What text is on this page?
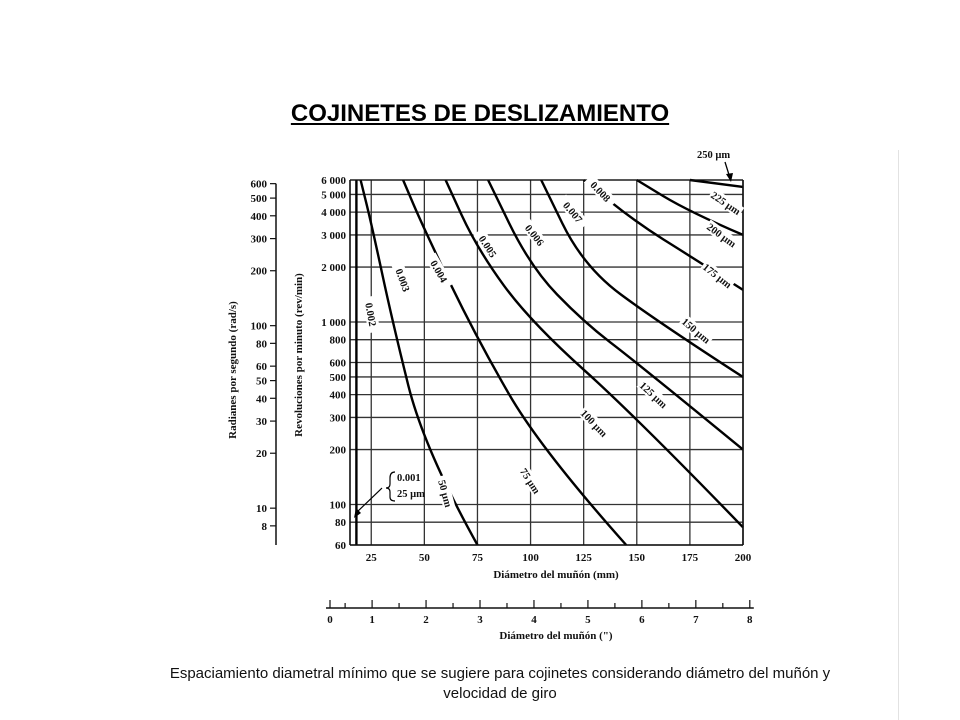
COJINETES DE DESLIZAMIENTO
0.002
0.003 0.004
0.005 0.006
0.007
0.008
50 µm	75 µm
100 µm
125 µm
150 µm
175 µm
200 µm
225 µm
6 000
5 000
4 000
3 000
2 000
1 000
800
600
500
400
300
200
100
80
60
25	50	75	100	125	150	175	200
600
500
400
300
200
100
80
60
50
40
30
20
10
8
0	1	2	3	4	5	6	7	8
Diámetro del muñón (mm)
Diámetro del muñón (")
Revoluciones por minuto (rev/min)
Radianes por segundo (rad/s)
250 µm
0.001
25 µm
Espaciamiento diametral mínimo que se sugiere para cojinetes considerando diámetro del muñón y
velocidad de giro
